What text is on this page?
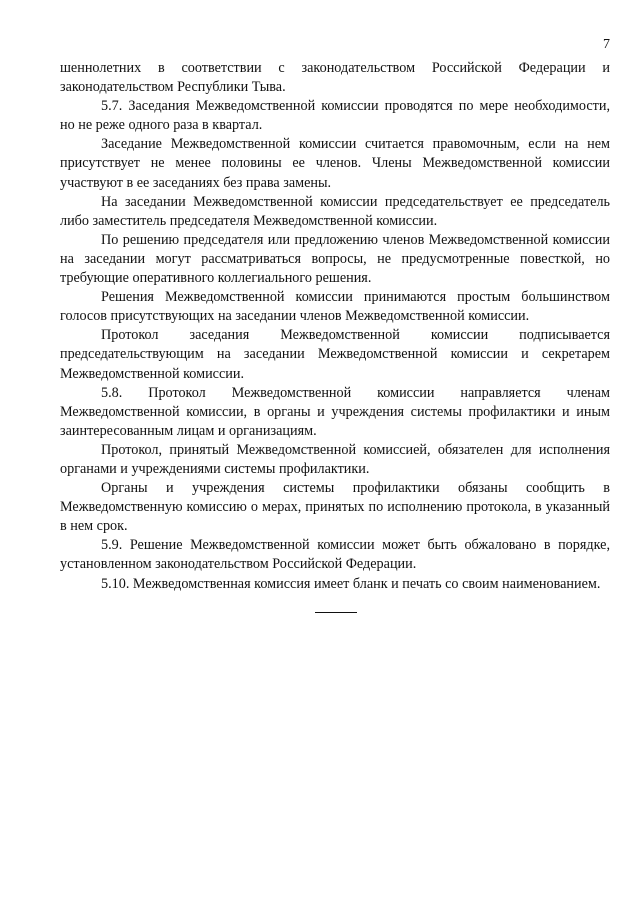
7

шеннолетних в соответствии с законодательством Российской Федерации и законодательством Республики Тыва.

5.7. Заседания Межведомственной комиссии проводятся по мере необходимости, но не реже одного раза в квартал.

Заседание Межведомственной комиссии считается правомочным, если на нем присутствует не менее половины ее членов. Члены Межведомственной комиссии участвуют в ее заседаниях без права замены.

На заседании Межведомственной комиссии председательствует ее председатель либо заместитель председателя Межведомственной комиссии.

По решению председателя или предложению членов Межведомственной комиссии на заседании могут рассматриваться вопросы, не предусмотренные повесткой, но требующие оперативного коллегиального решения.

Решения Межведомственной комиссии принимаются простым большинством голосов присутствующих на заседании членов Межведомственной комиссии.

Протокол заседания Межведомственной комиссии подписывается председательствующим на заседании Межведомственной комиссии и секретарем Межведомственной комиссии.

5.8. Протокол Межведомственной комиссии направляется членам Межведомственной комиссии, в органы и учреждения системы профилактики и иным заинтересованным лицам и организациям.

Протокол, принятый Межведомственной комиссией, обязателен для исполнения органами и учреждениями системы профилактики.

Органы и учреждения системы профилактики обязаны сообщить в Межведомственную комиссию о мерах, принятых по исполнению протокола, в указанный в нем срок.

5.9. Решение Межведомственной комиссии может быть обжаловано в порядке, установленном законодательством Российской Федерации.

5.10. Межведомственная комиссия имеет бланк и печать со своим наименованием.
